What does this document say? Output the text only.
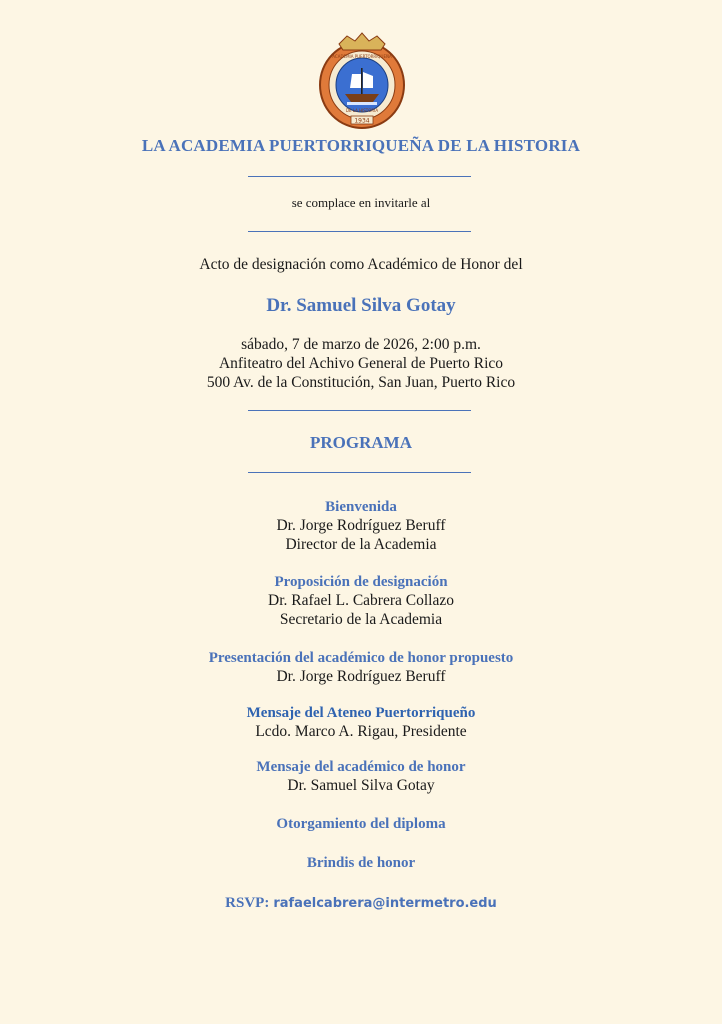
1934
ACADEMIA PUERTORRIQUEÑA
DE LA HISTORIA
LA ACADEMIA PUERTORRIQUEÑA DE LA HISTORIA
se complace en invitarle al
Acto de designación como Académico de Honor del
Dr. Samuel Silva Gotay
sábado, 7 de marzo de 2026, 2:00 p.m.
Anfiteatro del Achivo General de Puerto Rico
500 Av. de la Constitución, San Juan, Puerto Rico
PROGRAMA
Bienvenida
Dr. Jorge Rodríguez Beruff
Director de la Academia
Proposición de designación
Dr. Rafael L. Cabrera Collazo
Secretario de la Academia
Presentación del académico de honor propuesto
Dr. Jorge Rodríguez Beruff
Mensaje del Ateneo Puertorriqueño
Lcdo. Marco A. Rigau, Presidente
Mensaje del académico de honor
Dr. Samuel Silva Gotay
Otorgamiento del diploma
Brindis de honor
RSVP: rafaelcabrera@intermetro.edu
